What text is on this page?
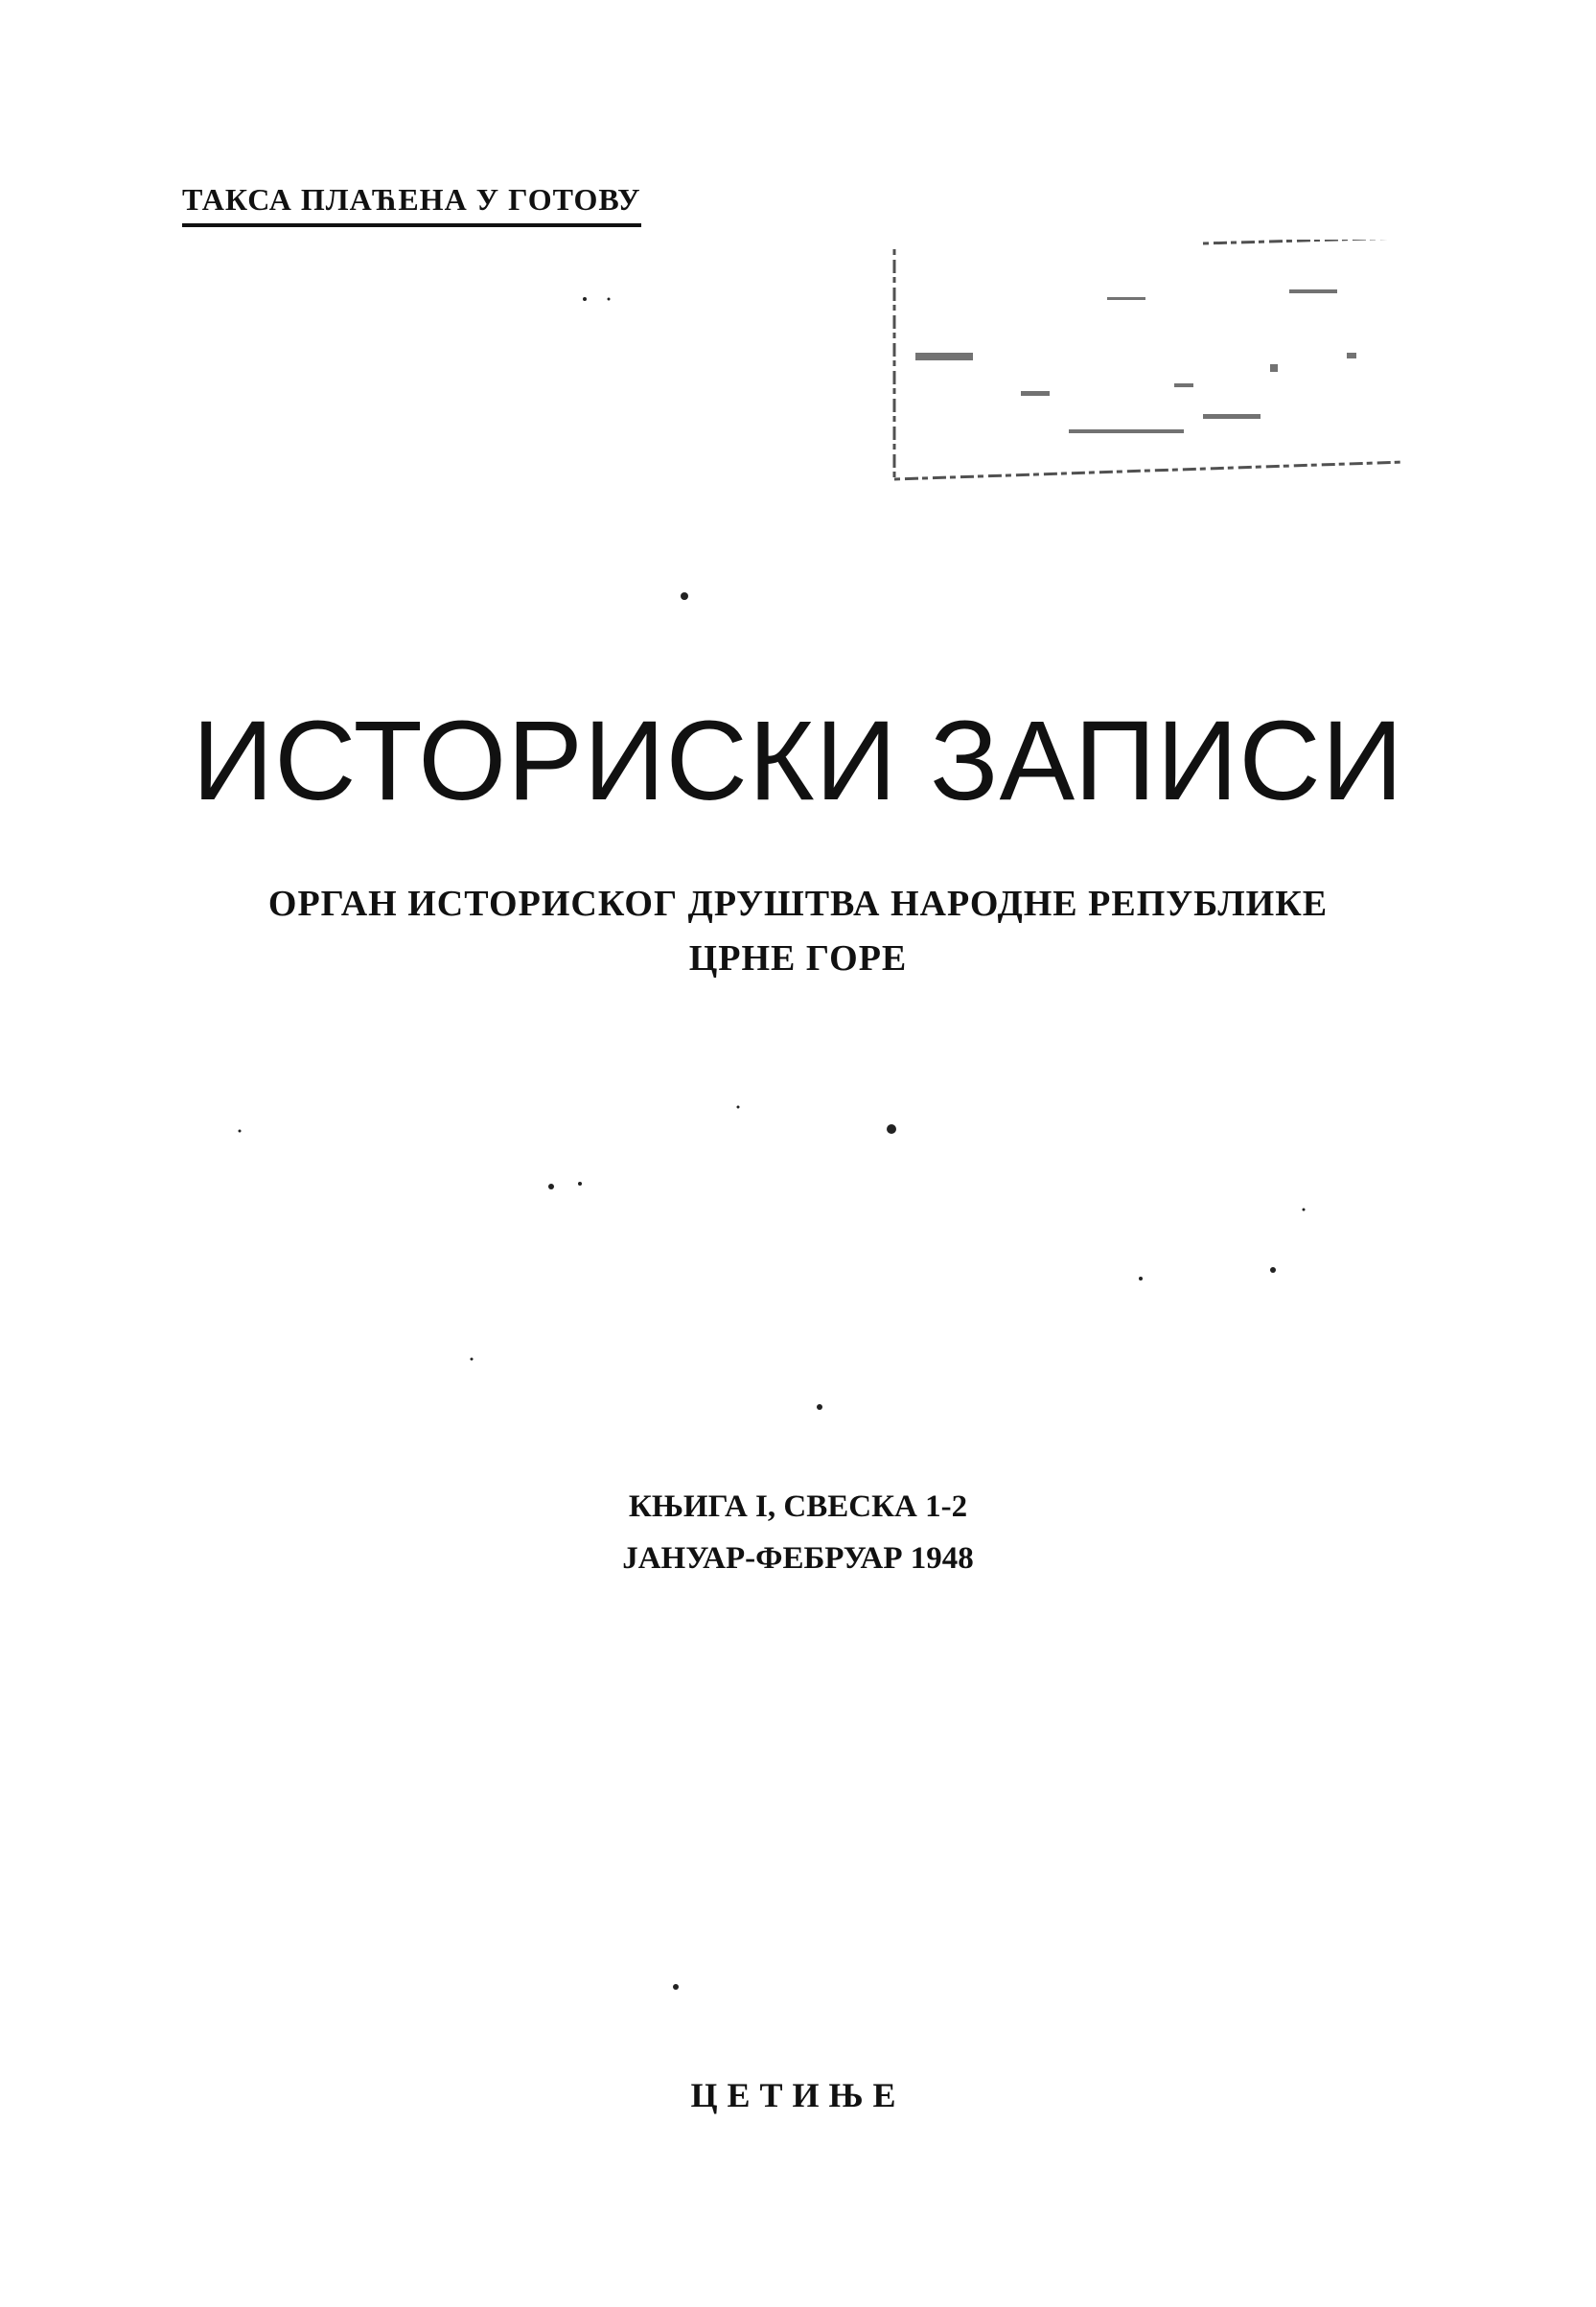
ТАКСА ПЛАЋЕНА У ГОТОВУ
ИСТОРИСКИ ЗАПИСИ
ОРГАН ИСТОРИСКОГ ДРУШТВА НАРОДНЕ РЕПУБЛИКЕ
ЦРНЕ ГОРЕ
КЊИГА I, СВЕСКА 1-2
ЈАНУАР-ФЕБРУАР 1948
ЦЕТИЊЕ
